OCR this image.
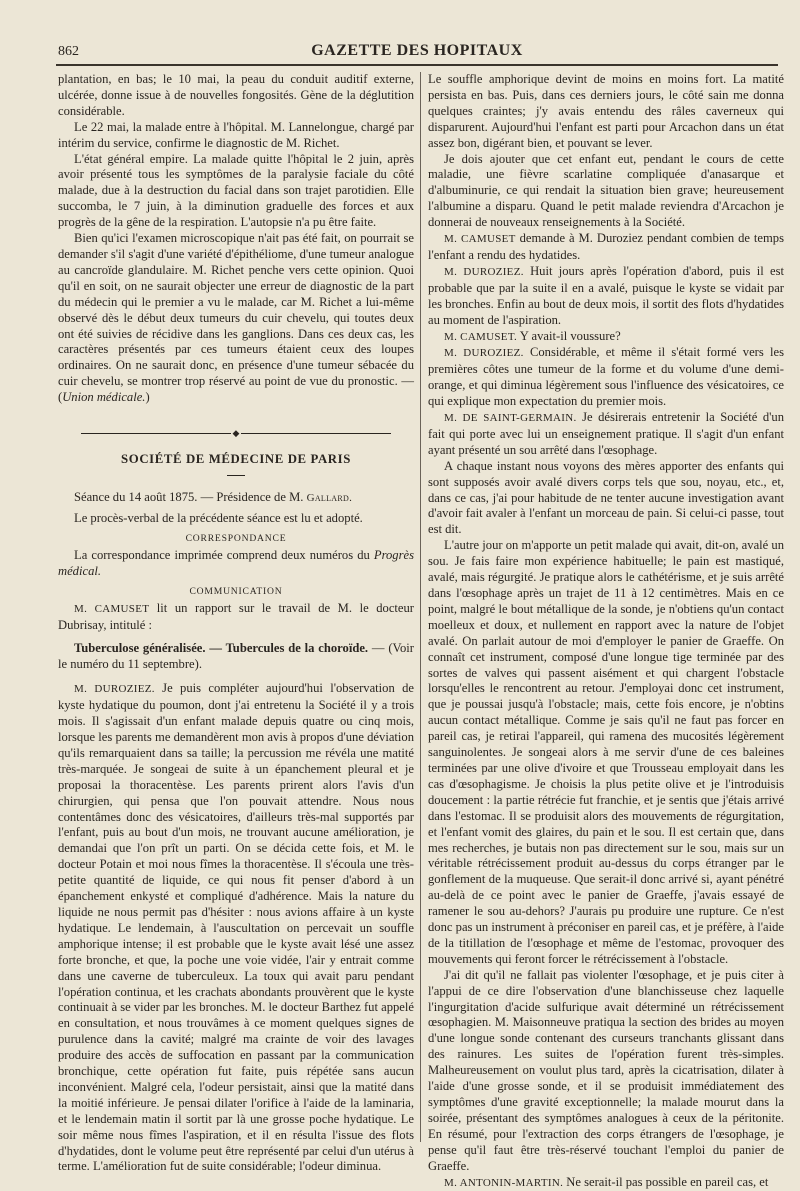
862	GAZETTE DES HOPITAUX

plantation, en bas; le 10 mai, la peau du conduit auditif externe, ulcérée, donne issue à de nouvelles fongosités. Gène de la déglutition considérable.

Le 22 mai, la malade entre à l'hôpital. M. Lannelongue, chargé par intérim du service, confirme le diagnostic de M. Richet.

L'état général empire. La malade quitte l'hôpital le 2 juin, après avoir présenté tous les symptômes de la paralysie faciale du côté malade, due à la destruction du facial dans son trajet parotidien. Elle succomba, le 7 juin, à la diminution graduelle des forces et aux progrès de la gêne de la respiration. L'autopsie n'a pu être faite.

Bien qu'ici l'examen microscopique n'ait pas été fait, on pourrait se demander s'il s'agit d'une variété d'épithéliome, d'une tumeur analogue au cancroïde glandulaire. M. Richet penche vers cette opinion. Quoi qu'il en soit, on ne saurait objecter une erreur de diagnostic de la part du médecin qui le premier a vu le malade, car M. Richet a lui-même observé dès le début deux tumeurs du cuir chevelu, qui toutes deux ont été suivies de récidive dans les ganglions. Dans ces deux cas, les caractères présentés par ces tumeurs étaient ceux des loupes ordinaires. On ne saurait donc, en présence d'une tumeur sébacée du cuir chevelu, se montrer trop réservé au point de vue du pronostic. — (Union médicale.)

◆
SOCIÉTÉ DE MÉDECINE DE PARIS

Séance du 14 août 1875. — Présidence de M. Gallard.

Le procès-verbal de la précédente séance est lu et adopté.

CORRESPONDANCE

La correspondance imprimée comprend deux numéros du Progrès médical.

COMMUNICATION

M. CAMUSET lit un rapport sur le travail de M. le docteur Dubrisay, intitulé :

Tuberculose généralisée. — Tubercules de la choroïde. — (Voir le numéro du 11 septembre).

M. DUROZIEZ. Je puis compléter aujourd'hui l'observation de kyste hydatique du poumon, dont j'ai entretenu la Société il y a trois mois. Il s'agissait d'un enfant malade depuis quatre ou cinq mois, lorsque les parents me demandèrent mon avis à propos d'une déviation qu'ils remarquaient dans sa taille; la percussion me révéla une matité très-marquée. Je songeai de suite à un épanchement pleural et je proposai la thoracentèse. Les parents prirent alors l'avis d'un chirurgien, qui pensa que l'on pouvait attendre. Nous nous contentâmes donc des vésicatoires, d'ailleurs très-mal supportés par l'enfant, puis au bout d'un mois, ne trouvant aucune amélioration, je demandai que l'on prît un parti. On se décida cette fois, et M. le docteur Potain et moi nous fîmes la thoracentèse. Il s'écoula une très-petite quantité de liquide, ce qui nous fit penser d'abord à un épanchement enkysté et compliqué d'adhérence. Mais la nature du liquide ne nous permit pas d'hésiter : nous avions affaire à un kyste hydatique. Le lendemain, à l'auscultation on percevait un souffle amphorique intense; il est probable que le kyste avait lésé une assez forte bronche, et que, la poche une voie vidée, l'air y entrait comme dans une caverne de tuberculeux. La toux qui avait paru pendant l'opération continua, et les crachats abondants prouvèrent que le kyste continuait à se vider par les bronches. M. le docteur Barthez fut appelé en consultation, et nous trouvâmes à ce moment quelques signes de purulence dans la cavité; malgré ma crainte de voir des lavages produire des accès de suffocation en passant par la communication bronchique, cette opération fut faite, puis répétée sans aucun inconvénient. Malgré cela, l'odeur persistait, ainsi que la matité dans la moitié inférieure. Je pensai dilater l'orifice à l'aide de la laminaria, et le lendemain matin il sortit par là une grosse poche hydatique. Le soir même nous fîmes l'aspiration, et il en résulta l'issue des flots d'hydatides, dont le volume peut être représenté par celui d'un utérus à terme. L'amélioration fut de suite considérable; l'odeur diminua.

Le souffle amphorique devint de moins en moins fort. La matité persista en bas. Puis, dans ces derniers jours, le côté sain me donna quelques craintes; j'y avais entendu des râles caverneux qui disparurent. Aujourd'hui l'enfant est parti pour Arcachon dans un état assez bon, digérant bien, et pouvant se lever.

Je dois ajouter que cet enfant eut, pendant le cours de cette maladie, une fièvre scarlatine compliquée d'anasarque et d'albuminurie, ce qui rendait la situation bien grave; heureusement l'albumine a disparu. Quand le petit malade reviendra d'Arcachon je donnerai de nouveaux renseignements à la Société.

M. CAMUSET demande à M. Duroziez pendant combien de temps l'enfant a rendu des hydatides.

M. DUROZIEZ. Huit jours après l'opération d'abord, puis il est probable que par la suite il en a avalé, puisque le kyste se vidait par les bronches. Enfin au bout de deux mois, il sortit des flots d'hydatides au moment de l'aspiration.

M. CAMUSET. Y avait-il voussure?

M. DUROZIEZ. Considérable, et même il s'était formé vers les premières côtes une tumeur de la forme et du volume d'une demi-orange, et qui diminua légèrement sous l'influence des vésicatoires, ce qui explique mon expectation du premier mois.

M. DE SAINT-GERMAIN. Je désirerais entretenir la Société d'un fait qui porte avec lui un enseignement pratique. Il s'agit d'un enfant ayant présenté un sou arrêté dans l'œsophage.

A chaque instant nous voyons des mères apporter des enfants qui sont supposés avoir avalé divers corps tels que sou, noyau, etc., et, dans ce cas, j'ai pour habitude de ne tenter aucune investigation avant d'avoir fait avaler à l'enfant un morceau de pain. Si celui-ci passe, tout est dit.

L'autre jour on m'apporte un petit malade qui avait, dit-on, avalé un sou. Je fais faire mon expérience habituelle; le pain est mastiqué, avalé, mais régurgité. Je pratique alors le cathétérisme, et je suis arrêté dans l'œsophage après un trajet de 11 à 12 centimètres. Mais en ce point, malgré le bout métallique de la sonde, je n'obtiens qu'un contact moelleux et doux, et nullement en rapport avec la nature de l'objet avalé. On parlait autour de moi d'employer le panier de Graeffe. On connaît cet instrument, composé d'une longue tige terminée par des sortes de valves qui passent aisément et qui chargent l'obstacle lorsqu'elles le rencontrent au retour. J'employai donc cet instrument, que je poussai jusqu'à l'obstacle; mais, cette fois encore, je n'obtins aucun contact métallique. Comme je sais qu'il ne faut pas forcer en pareil cas, je retirai l'appareil, qui ramena des mucosités légèrement sanguinolentes. Je songeai alors à me servir d'une de ces baleines terminées par une olive d'ivoire et que Trousseau employait dans les cas d'œsophagisme. Je choisis la plus petite olive et je l'introduisis doucement : la partie rétrécie fut franchie, et je sentis que j'étais arrivé dans l'estomac. Il se produisit alors des mouvements de régurgitation, et l'enfant vomit des glaires, du pain et le sou. Il est certain que, dans mes recherches, je butais non pas directement sur le sou, mais sur un véritable rétrécissement produit au-dessus du corps étranger par le gonflement de la muqueuse. Que serait-il donc arrivé si, ayant pénétré au-delà de ce point avec le panier de Graeffe, j'avais essayé de ramener le sou au-dehors? J'aurais pu produire une rupture. Ce n'est donc pas un instrument à préconiser en pareil cas, et je préfère, à l'aide de la titillation de l'œsophage et même de l'estomac, provoquer des mouvements qui feront forcer le rétrécissement à l'obstacle.

J'ai dit qu'il ne fallait pas violenter l'œsophage, et je puis citer à l'appui de ce dire l'observation d'une blanchisseuse chez laquelle l'ingurgitation d'acide sulfurique avait déterminé un rétrécissement œsophagien. M. Maisonneuve pratiqua la section des brides au moyen d'une longue sonde contenant des curseurs tranchants glissant dans des rainures. Les suites de l'opération furent très-simples. Malheureusement on voulut plus tard, après la cicatrisation, dilater à l'aide d'une grosse sonde, et il se produisit immédiatement des symptômes d'une gravité exceptionnelle; la malade mourut dans la soirée, présentant des symptômes analogues à ceux de la péritonite. En résumé, pour l'extraction des corps étrangers de l'œsophage, je pense qu'il faut être très-réservé touchant l'emploi du panier de Graeffe.

M. ANTONIN-MARTIN. Ne serait-il pas possible en pareil cas, et
